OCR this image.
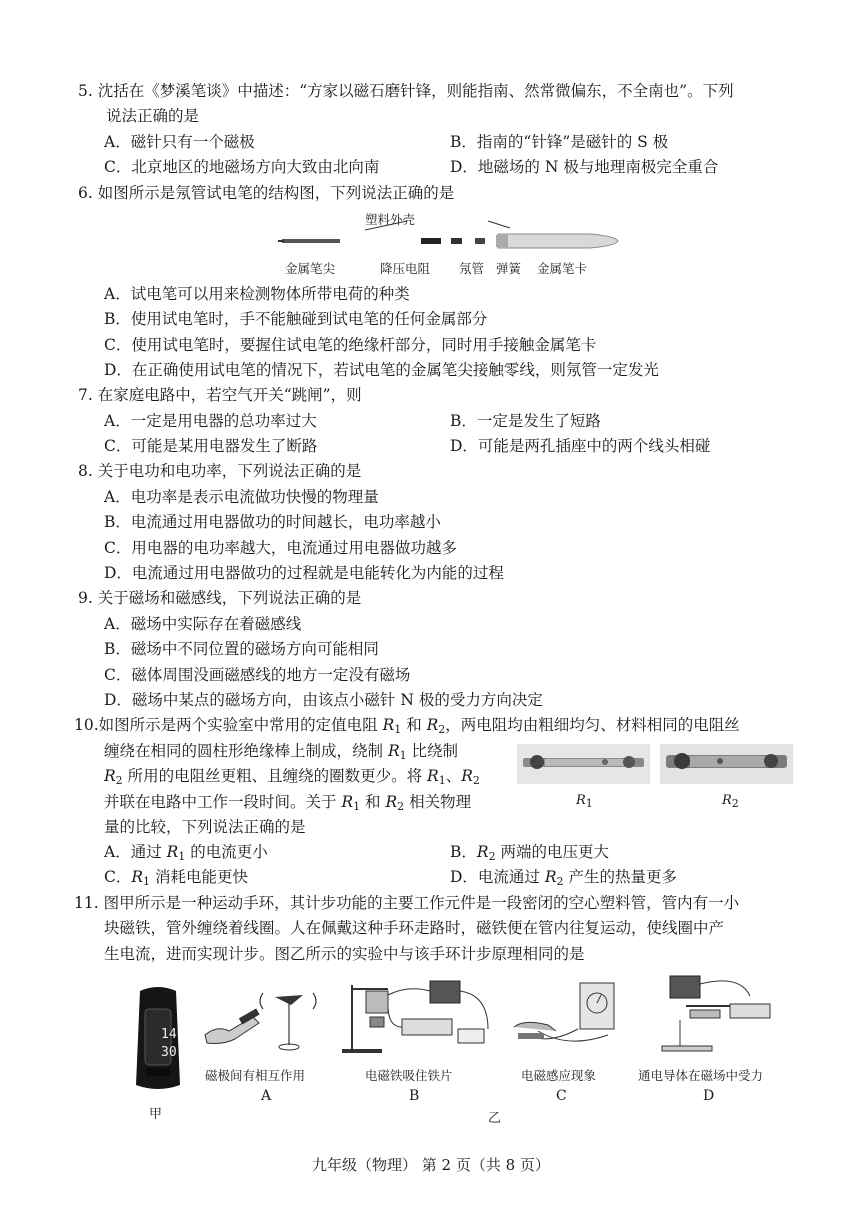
5. 沈括在《梦溪笔谈》中描述：“方家以磁石磨针锋，则能指南、然常微偏东，不全南也”。下列
说法正确的是
A．磁针只有一个磁极	B．指南的“针锋”是磁针的 S 极
C．北京地区的地磁场方向大致由北向南	D．地磁场的 N 极与地理南极完全重合
6. 如图所示是氖管试电笔的结构图，下列说法正确的是
塑料外壳
金属笔尖	降压电阻 氖管 弹簧 金属笔卡
A．试电笔可以用来检测物体所带电荷的种类
B．使用试电笔时，手不能触碰到试电笔的任何金属部分
C．使用试电笔时，要握住试电笔的绝缘杆部分，同时用手接触金属笔卡
D．在正确使用试电笔的情况下，若试电笔的金属笔尖接触零线，则氖管一定发光
7. 在家庭电路中，若空气开关“跳闸”，则
A．一定是用电器的总功率过大	B．一定是发生了短路
C．可能是某用电器发生了断路	D．可能是两孔插座中的两个线头相碰
8. 关于电功和电功率，下列说法正确的是
A．电功率是表示电流做功快慢的物理量
B．电流通过用电器做功的时间越长，电功率越小
C．用电器的电功率越大，电流通过用电器做功越多
D．电流通过用电器做功的过程就是电能转化为内能的过程
9. 关于磁场和磁感线，下列说法正确的是
A．磁场中实际存在着磁感线
B．磁场中不同位置的磁场方向可能相同
C．磁体周围没画磁感线的地方一定没有磁场
D．磁场中某点的磁场方向，由该点小磁针 N 极的受力方向决定
10.如图所示是两个实验室中常用的定值电阻 $R_1$ 和 $R_2$，两电阻均由粗细均匀、材料相同的电阻丝
缠绕在相同的圆柱形绝缘棒上制成，绕制 $R_1$ 比绕制
$R_2$ 所用的电阻丝更粗、且缠绕的圈数更少。将 $R_1$、$R_2$
并联在电路中工作一段时间。关于 $R_1$ 和 $R_2$ 相关物理
量的比较，下列说法正确的是
$R_1$	$R_2$
A．通过 $R_1$ 的电流更小	B．$R_2$ 两端的电压更大
C．$R_1$ 消耗电能更快	D．电流通过 $R_2$ 产生的热量更多
11. 图甲所示是一种运动手环，其计步功能的主要工作元件是一段密闭的空心塑料管，管内有一小
块磁铁，管外缠绕着线圈。人在佩戴这种手环走路时，磁铁便在管内往复运动，使线圈中产
生电流，进而实现计步。图乙所示的实验中与该手环计步原理相同的是
14
30
甲
磁极间有相互作用	电磁铁吸住铁片	电磁感应现象	通电导体在磁场中受力
A	B	C	D
乙
九年级（物理） 第 2 页（共 8 页）
